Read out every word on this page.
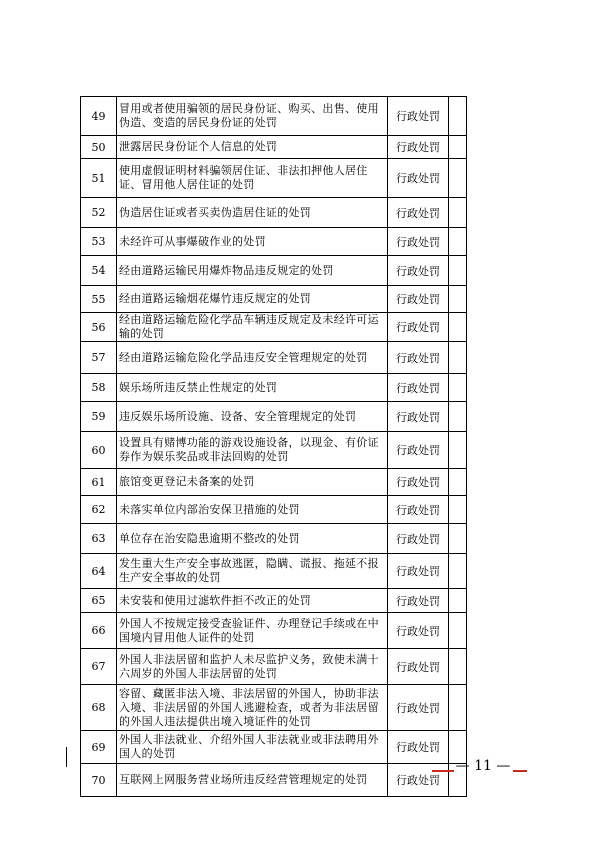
49	冒用或者使用骗领的居民身份证、购买、出售、使用伪造、变造的居民身份证的处罚	行政处罚	
50	泄露居民身份证个人信息的处罚	行政处罚	
51	使用虚假证明材料骗领居住证、非法扣押他人居住证、冒用他人居住证的处罚	行政处罚	
52	伪造居住证或者买卖伪造居住证的处罚	行政处罚	
53	未经许可从事爆破作业的处罚	行政处罚	
54	经由道路运输民用爆炸物品违反规定的处罚	行政处罚	
55	经由道路运输烟花爆竹违反规定的处罚	行政处罚	
56	经由道路运输危险化学品车辆违反规定及未经许可运输的处罚	行政处罚	
57	经由道路运输危险化学品违反安全管理规定的处罚	行政处罚	
58	娱乐场所违反禁止性规定的处罚	行政处罚	
59	违反娱乐场所设施、设备、安全管理规定的处罚	行政处罚	
60	设置具有赌博功能的游戏设施设备，以现金、有价证券作为娱乐奖品或非法回购的处罚	行政处罚	
61	旅馆变更登记未备案的处罚	行政处罚	
62	未落实单位内部治安保卫措施的处罚	行政处罚	
63	单位存在治安隐患逾期不整改的处罚	行政处罚	
64	发生重大生产安全事故逃匿，隐瞒、谎报、拖延不报生产安全事故的处罚	行政处罚	
65	未安装和使用过滤软件拒不改正的处罚	行政处罚	
66	外国人不按规定接受查验证件、办理登记手续或在中国境内冒用他人证件的处罚	行政处罚	
67	外国人非法居留和监护人未尽监护义务，致使未满十六周岁的外国人非法居留的处罚	行政处罚	
68	容留、藏匿非法入境、非法居留的外国人，协助非法入境、非法居留的外国人逃避检查，或者为非法居留的外国人违法提供出境入境证件的处罚	行政处罚	
69	外国人非法就业、介绍外国人非法就业或非法聘用外国人的处罚	行政处罚	
70	互联网上网服务营业场所违反经营管理规定的处罚	行政处罚	
— 11 —
